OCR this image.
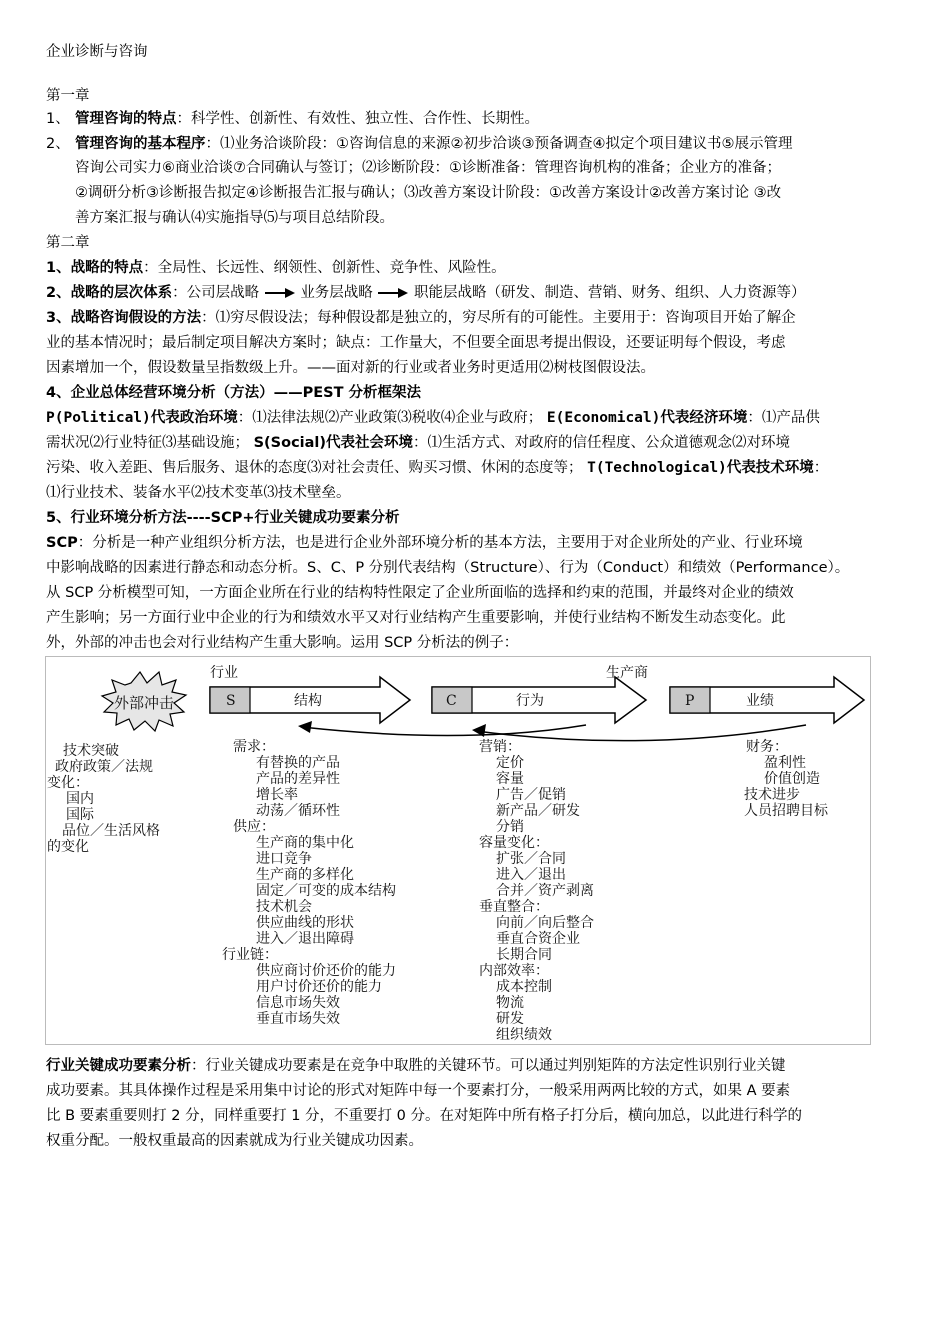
企业诊断与咨询
第一章
1、 管理咨询的特点：科学性、创新性、有效性、独立性、合作性、长期性。
2、 管理咨询的基本程序：⑴业务洽谈阶段：①咨询信息的来源②初步洽谈③预备调查④拟定个项目建议书⑤展示管理
咨询公司实力⑥商业洽谈⑦合同确认与签订；⑵诊断阶段：①诊断准备：管理咨询机构的准备；企业方的准备；
②调研分析③诊断报告拟定④诊断报告汇报与确认；⑶改善方案设计阶段：①改善方案设计②改善方案讨论 ③改
善方案汇报与确认⑷实施指导⑸与项目总结阶段。
第二章
1、战略的特点：全局性、长远性、纲领性、创新性、竞争性、风险性。
2、战略的层次体系：公司层战略	业务层战略	职能层战略（研发、制造、营销、财务、组织、人力资源等）
3、战略咨询假设的方法：⑴穷尽假设法；每种假设都是独立的，穷尽所有的可能性。主要用于：咨询项目开始了解企
业的基本情况时；最后制定项目解决方案时；缺点：工作量大，不但要全面思考提出假设，还要证明每个假设，考虑
因素增加一个，假设数量呈指数级上升。——面对新的行业或者业务时更适用⑵树枝图假设法。
4、企业总体经营环境分析（方法）——PEST 分析框架法
P(Political)代表政治环境：⑴法律法规⑵产业政策⑶税收⑷企业与政府； E(Economical)代表经济环境：⑴产品供
需状况⑵行业特征⑶基础设施； S(Social)代表社会环境：⑴生活方式、对政府的信任程度、公众道德观念⑵对环境
污染、收入差距、售后服务、退休的态度⑶对社会责任、购买习惯、休闲的态度等； T(Technological)代表技术环境：
⑴行业技术、装备水平⑵技术变革⑶技术壁垒。
5、行业环境分析方法----SCP+行业关键成功要素分析
SCP：分析是一种产业组织分析方法，也是进行企业外部环境分析的基本方法，主要用于对企业所处的产业、行业环境
中影响战略的因素进行静态和动态分析。S、C、P 分别代表结构（Structure）、行为（Conduct）和绩效（Performance）。
从 SCP 分析模型可知，一方面企业所在行业的结构特性限定了企业所面临的选择和约束的范围，并最终对企业的绩效
产生影响；另一方面行业中企业的行为和绩效水平又对行业结构产生重要影响，并使行业结构不断发生动态变化。此
外，外部的冲击也会对行业结构产生重大影响。运用 SCP 分析法的例子：
外部冲击
行业	生产商
S	结构	C	行为	P	业绩
技术突破
政府政策／法规
变化：
国内
国际
品位／生活风格
的变化
需求：
有替换的产品
产品的差异性
增长率
动荡／循环性
供应：
生产商的集中化
进口竞争
生产商的多样化
固定／可变的成本结构
技术机会
供应曲线的形状
进入／退出障碍
行业链：
供应商讨价还价的能力
用户讨价还价的能力
信息市场失效
垂直市场失效
营销：
定价
容量
广告／促销
新产品／研发
分销
容量变化：
扩张／合同
进入／退出
合并／资产剥离
垂直整合：
向前／向后整合
垂直合资企业
长期合同
内部效率：
成本控制
物流
研发
组织绩效
财务：
盈利性
价值创造
技术进步
人员招聘目标
行业关键成功要素分析：行业关键成功要素是在竞争中取胜的关键环节。可以通过判别矩阵的方法定性识别行业关键
成功要素。其具体操作过程是采用集中讨论的形式对矩阵中每一个要素打分，一般采用两两比较的方式，如果 A 要素
比 B 要素重要则打 2 分，同样重要打 1 分，不重要打 0 分。在对矩阵中所有格子打分后，横向加总，以此进行科学的
权重分配。一般权重最高的因素就成为行业关键成功因素。
